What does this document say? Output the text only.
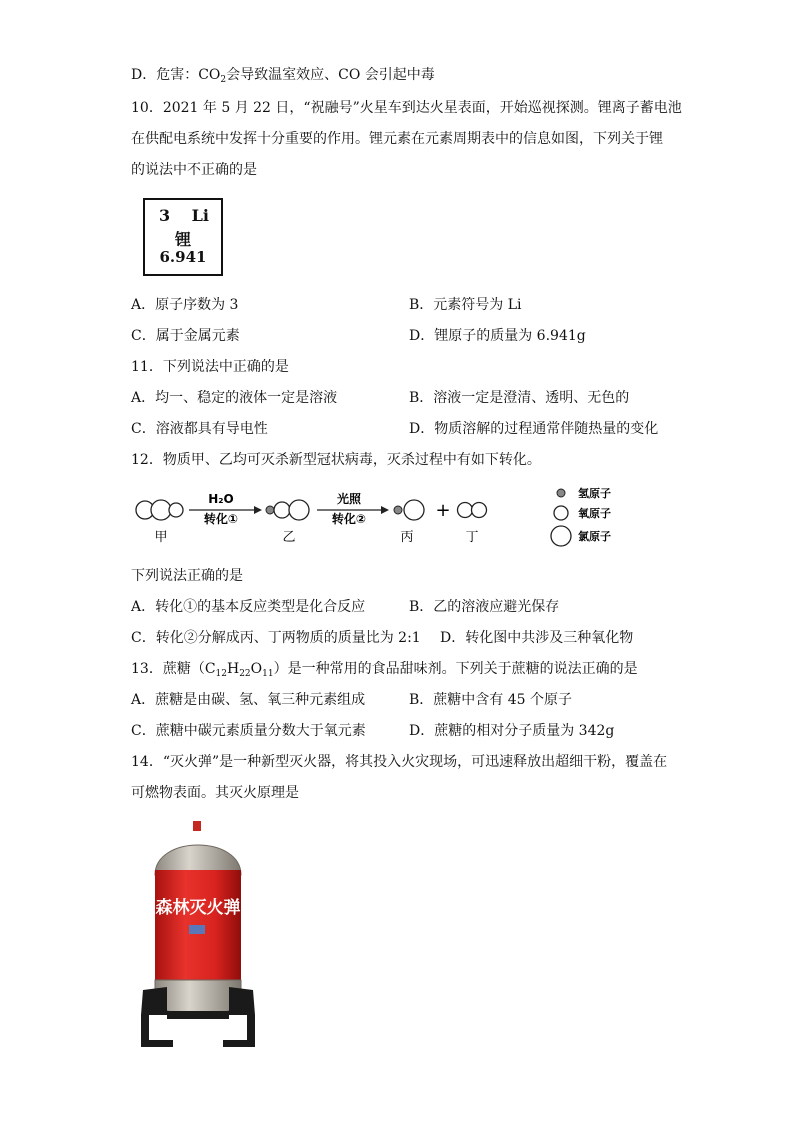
D．危害：$CO_2$会导致温室效应、CO 会引起中毒
10．2021 年 5 月 22 日，“祝融号”火星车到达火星表面，开始巡视探测。锂离子蓄电池
在供配电系统中发挥十分重要的作用。锂元素在元素周期表中的信息如图，下列关于锂
的说法中不正确的是
3 Li
锂
6.941
A．原子序数为 3	B．元素符号为 Li
C．属于金属元素	D．锂原子的质量为 6.941g
11．下列说法中正确的是
A．均一、稳定的液体一定是溶液	B．溶液一定是澄清、透明、无色的
C．溶液都具有导电性	D．物质溶解的过程通常伴随热量的变化
12．物质甲、乙均可灭杀新型冠状病毒，灭杀过程中有如下转化。
H₂O
转化①
光照
转化②	+
甲	乙	丙	丁
氢原子
氧原子
氯原子
下列说法正确的是
A．转化①的基本反应类型是化合反应	B．乙的溶液应避光保存
C．转化②分解成丙、丁两物质的质量比为 2:1 D．转化图中共涉及三种氧化物
13．蔗糖$(C_{12}H_{22}O_{11})$是一种常用的食品甜味剂。下列关于蔗糖的说法正确的是
A．蔗糖是由碳、氢、氧三种元素组成	B．蔗糖中含有 45 个原子
C．蔗糖中碳元素质量分数大于氧元素	D．蔗糖的相对分子质量为 342g
14．“灭火弹”是一种新型灭火器，将其投入火灾现场，可迅速释放出超细干粉，覆盖在
可燃物表面。其灭火原理是
森林灭火弹
